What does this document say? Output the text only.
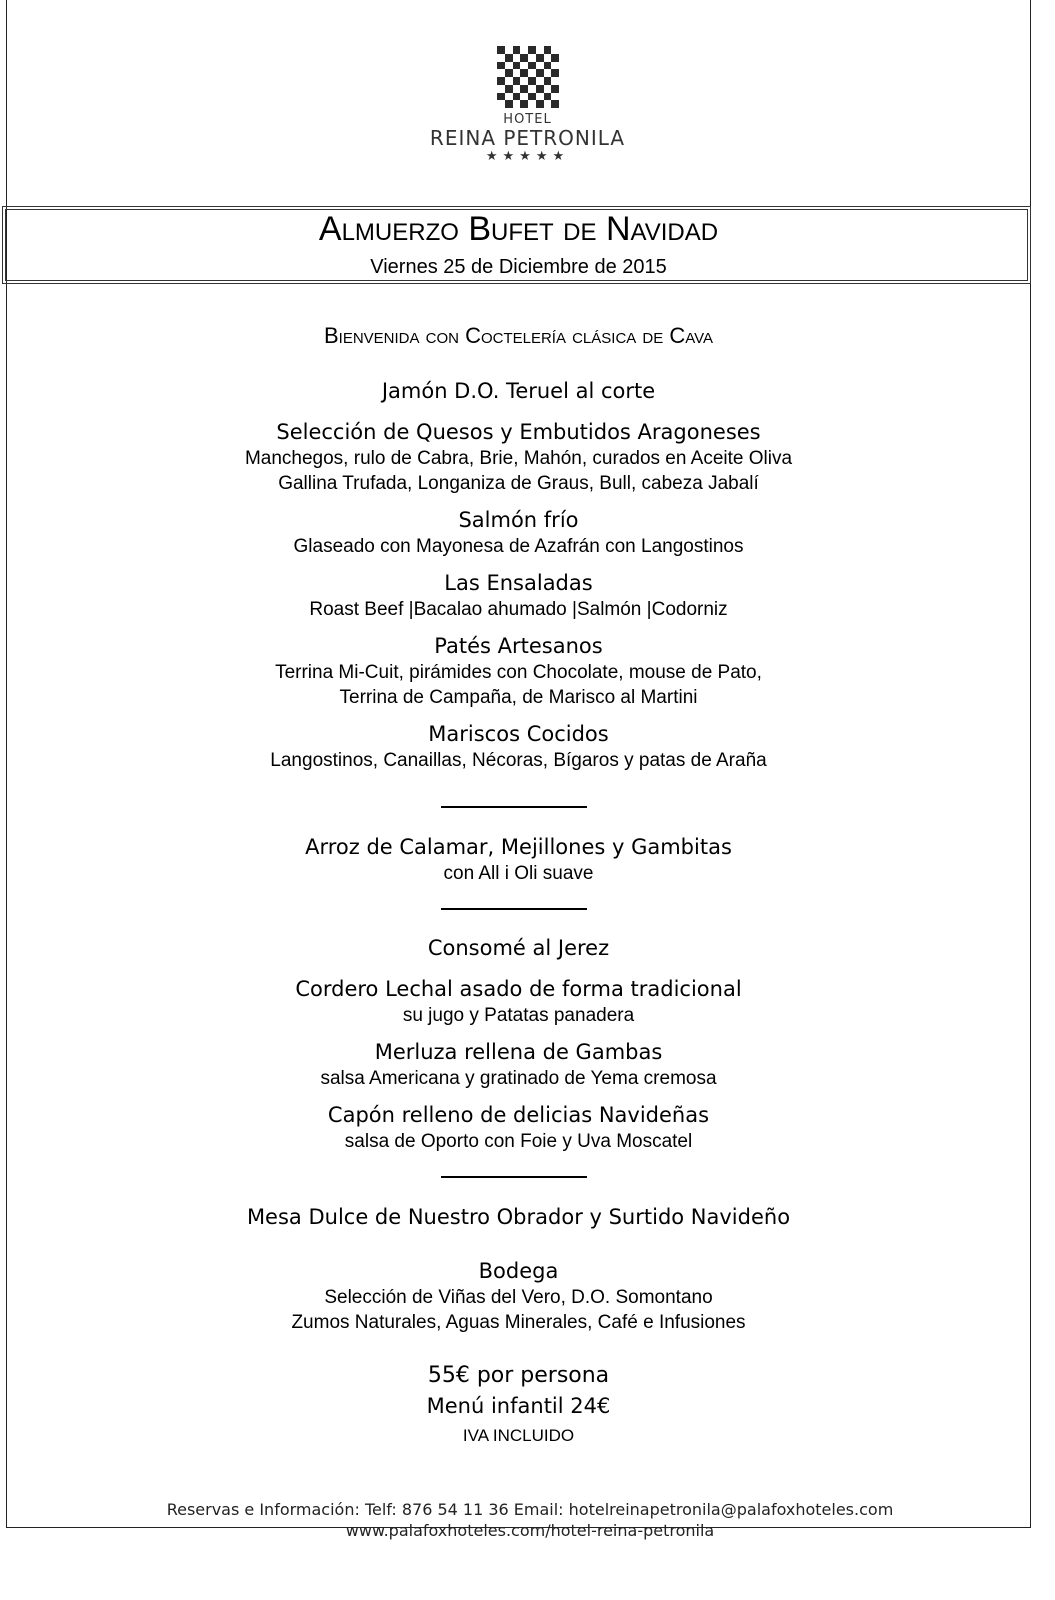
HOTEL
REINA PETRONILA
★★★★★
Almuerzo Bufet de Navidad
Viernes 25 de Diciembre de 2015
Bienvenida con Coctelería clásica de Cava
Jamón D.O. Teruel al corte
Selección de Quesos y Embutidos Aragoneses
Manchegos, rulo de Cabra, Brie, Mahón, curados en Aceite Oliva
Gallina Trufada, Longaniza de Graus, Bull, cabeza Jabalí
Salmón frío
Glaseado con Mayonesa de Azafrán con Langostinos
Las Ensaladas
Roast Beef |Bacalao ahumado |Salmón |Codorniz
Patés Artesanos
Terrina Mi-Cuit, pirámides con Chocolate, mouse de Pato,
Terrina de Campaña, de Marisco al Martini
Mariscos Cocidos
Langostinos, Canaillas, Nécoras, Bígaros y patas de Araña
Arroz de Calamar, Mejillones y Gambitas
con All i Oli suave
Consomé al Jerez
Cordero Lechal asado de forma tradicional
su jugo y Patatas panadera
Merluza rellena de Gambas
salsa Americana y gratinado de Yema cremosa
Capón relleno de delicias Navideñas
salsa de Oporto con Foie y Uva Moscatel
Mesa Dulce de Nuestro Obrador y Surtido Navideño
Bodega
Selección de Viñas del Vero, D.O. Somontano
Zumos Naturales, Aguas Minerales, Café e Infusiones
55€ por persona
Menú infantil 24€
IVA INCLUIDO
Reservas e Información: Telf: 876 54 11 36 Email: hotelreinapetronila@palafoxhoteles.com
www.palafoxhoteles.com/hotel-reina-petronila
